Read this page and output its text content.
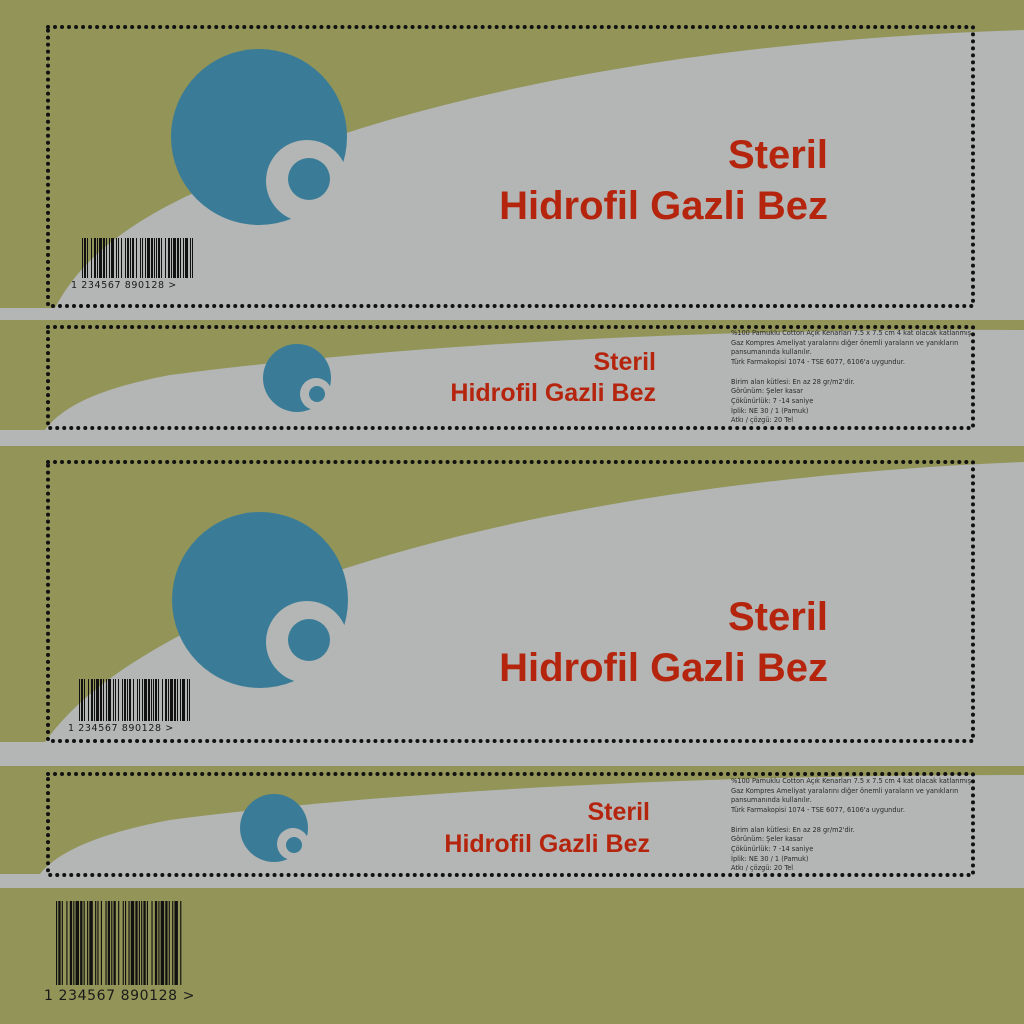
Steril
Hidrofil Gazli Bez
1 234567 890128 >
Steril
Hidrofil Gazli Bez
%100 Pamuklu Cotton Açık Kenarları 7.5 x 7.5 cm 4 kat olacak katlanmış Gaz Kompres Ameliyat yaralarını diğer önemli yaraların ve yanıkların pansumanında kullanılır.
Türk Farmakopisi 1074 - TSE 6077, 6106'a uygundur.

Birim alan kütlesi: En az 28 gr/m2'dir.
Görünüm: Şeler kasar
Çökünürlük: 7 -14 saniye
İplik: NE 30 / 1 (Pamuk)
Atkı / çözgü: 20 Tel
Steril
Hidrofil Gazli Bez
1 234567 890128 >
Steril
Hidrofil Gazli Bez
%100 Pamuklu Cotton Açık Kenarları 7.5 x 7.5 cm 4 kat olacak katlanmış Gaz Kompres Ameliyat yaralarını diğer önemli yaraların ve yanıkların pansumanında kullanılır.
Türk Farmakopisi 1074 - TSE 6077, 6106'a uygundur.

Birim alan kütlesi: En az 28 gr/m2'dir.
Görünüm: Şeler kasar
Çökünürlük: 7 -14 saniye
İplik: NE 30 / 1 (Pamuk)
Atkı / çözgü: 20 Tel
1 234567 890128 >
